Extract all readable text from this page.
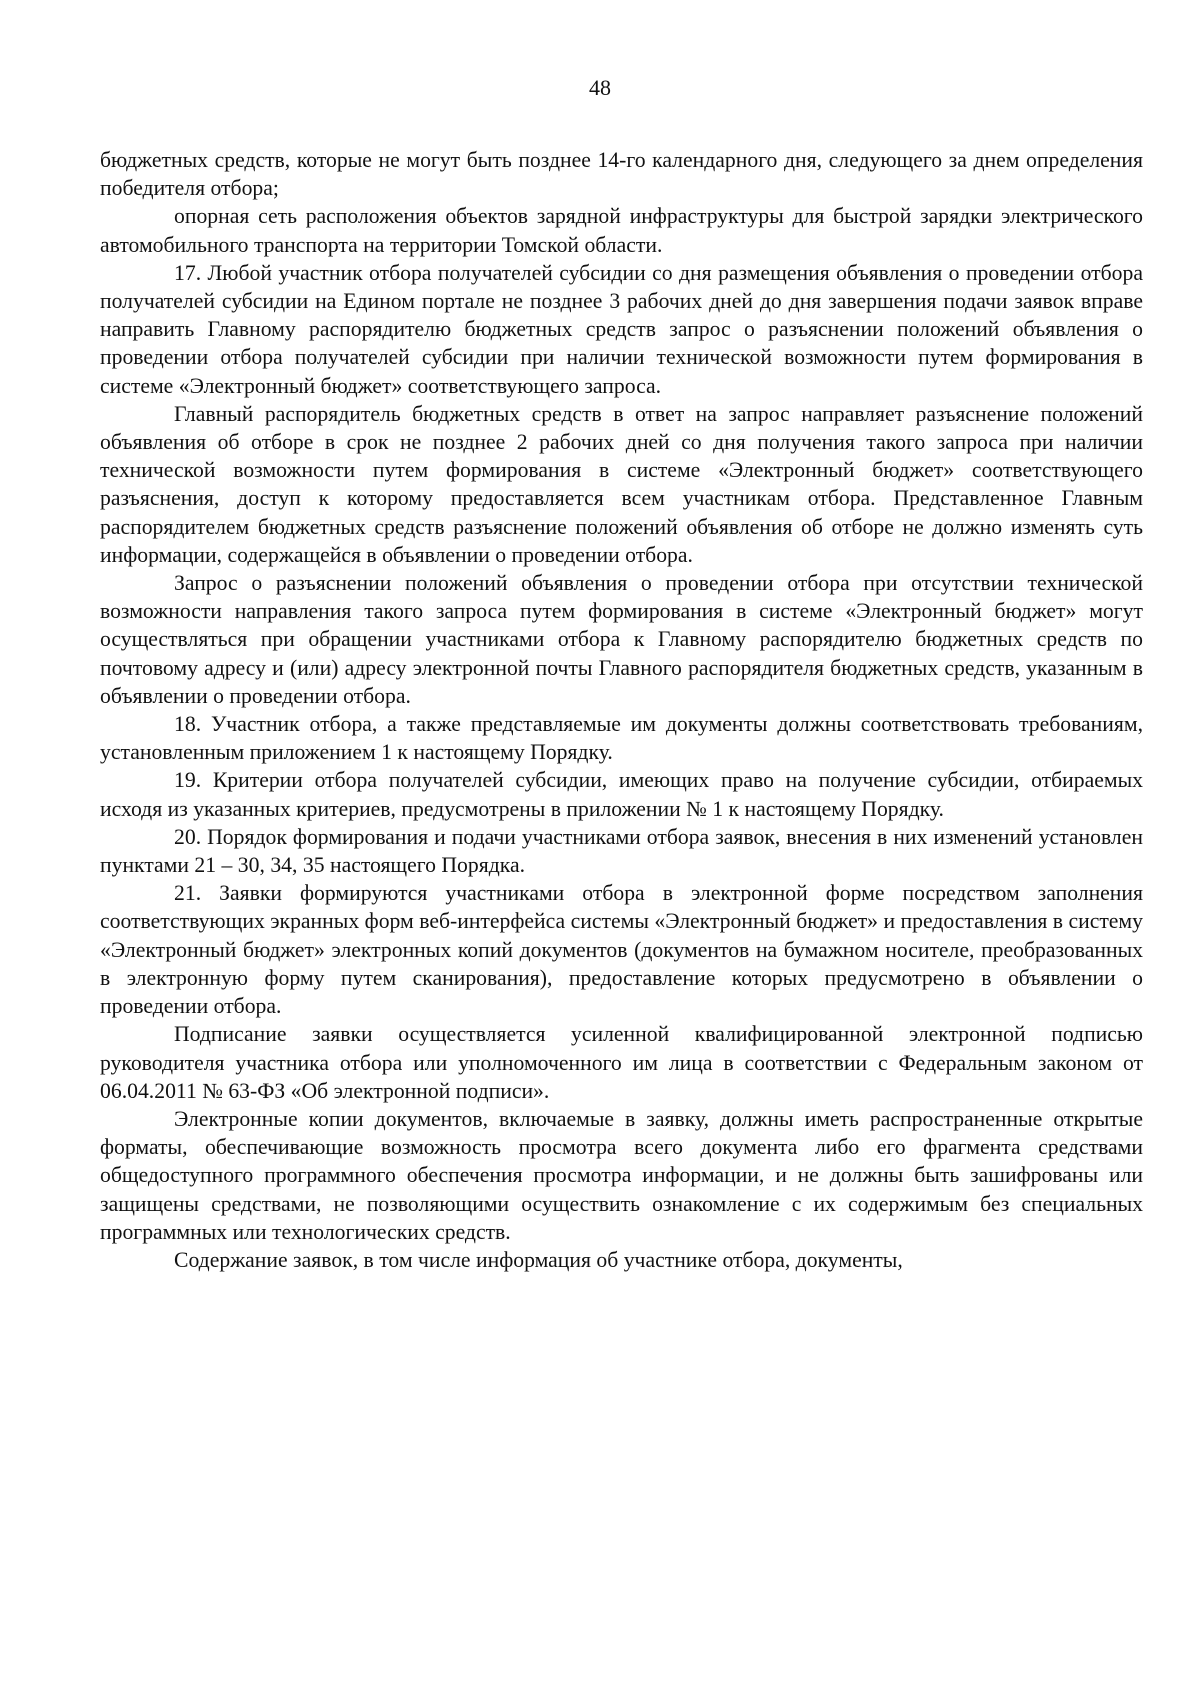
48

бюджетных средств, которые не могут быть позднее 14-го календарного дня, следующего за днем определения победителя отбора;

опорная сеть расположения объектов зарядной инфраструктуры для быстрой зарядки электрического автомобильного транспорта на территории Томской области.

17. Любой участник отбора получателей субсидии со дня размещения объявления о проведении отбора получателей субсидии на Едином портале не позднее 3 рабочих дней до дня завершения подачи заявок вправе направить Главному распорядителю бюджетных средств запрос о разъяснении положений объявления о проведении отбора получателей субсидии при наличии технической возможности путем формирования в системе «Электронный бюджет» соответствующего запроса.

Главный распорядитель бюджетных средств в ответ на запрос направляет разъяснение положений объявления об отборе в срок не позднее 2 рабочих дней со дня получения такого запроса при наличии технической возможности путем формирования в системе «Электронный бюджет» соответствующего разъяснения, доступ к которому предоставляется всем участникам отбора. Представленное Главным распорядителем бюджетных средств разъяснение положений объявления об отборе не должно изменять суть информации, содержащейся в объявлении о проведении отбора.

Запрос о разъяснении положений объявления о проведении отбора при отсутствии технической возможности направления такого запроса путем формирования в системе «Электронный бюджет» могут осуществляться при обращении участниками отбора к Главному распорядителю бюджетных средств по почтовому адресу и (или) адресу электронной почты Главного распорядителя бюджетных средств, указанным в объявлении о проведении отбора.

18. Участник отбора, а также представляемые им документы должны соответствовать требованиям, установленным приложением 1 к настоящему Порядку.

19. Критерии отбора получателей субсидии, имеющих право на получение субсидии, отбираемых исходя из указанных критериев, предусмотрены в приложении № 1 к настоящему Порядку.

20. Порядок формирования и подачи участниками отбора заявок, внесения в них изменений установлен пунктами 21 – 30, 34, 35 настоящего Порядка.

21. Заявки формируются участниками отбора в электронной форме посредством заполнения соответствующих экранных форм веб-интерфейса системы «Электронный бюджет» и предоставления в систему «Электронный бюджет» электронных копий документов (документов на бумажном носителе, преобразованных в электронную форму путем сканирования), предоставление которых предусмотрено в объявлении о проведении отбора.

Подписание заявки осуществляется усиленной квалифицированной электронной подписью руководителя участника отбора или уполномоченного им лица в соответствии с Федеральным законом от 06.04.2011 № 63-ФЗ «Об электронной подписи».

Электронные копии документов, включаемые в заявку, должны иметь распространенные открытые форматы, обеспечивающие возможность просмотра всего документа либо его фрагмента средствами общедоступного программного обеспечения просмотра информации, и не должны быть зашифрованы или защищены средствами, не позволяющими осуществить ознакомление с их содержимым без специальных программных или технологических средств.

Содержание заявок, в том числе информация об участнике отбора, документы,
